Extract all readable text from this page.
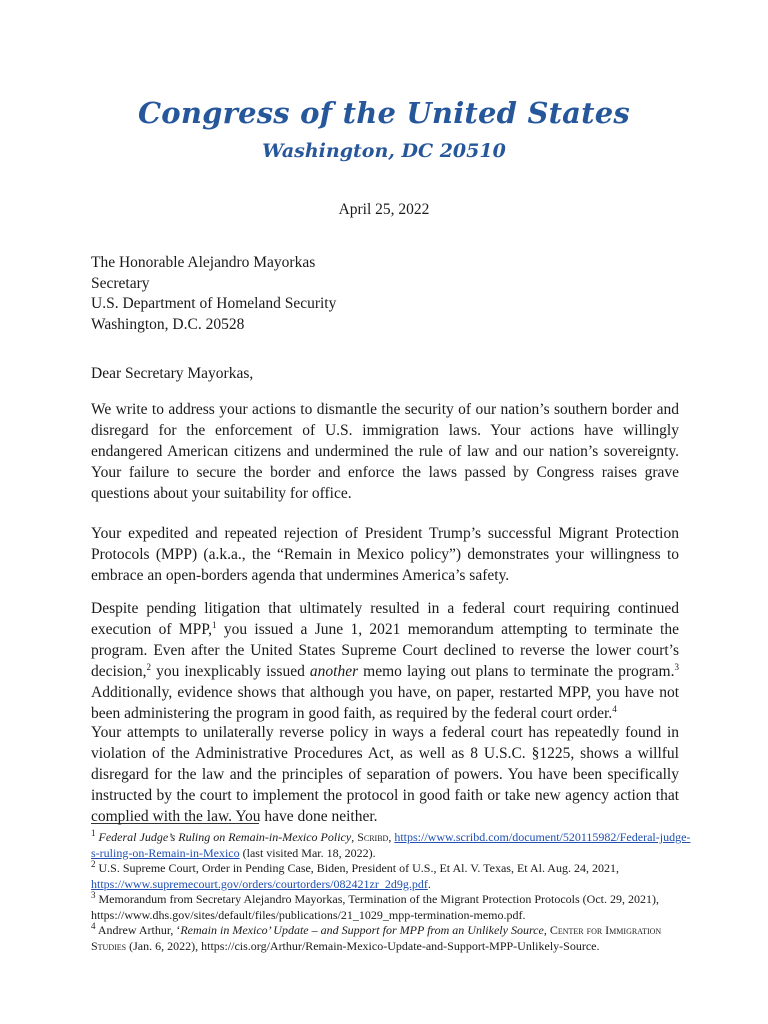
Congress of the United States
Washington, DC 20510
April 25, 2022
The Honorable Alejandro Mayorkas
Secretary
U.S. Department of Homeland Security
Washington, D.C. 20528
Dear Secretary Mayorkas,

We write to address your actions to dismantle the security of our nation’s southern border and disregard for the enforcement of U.S. immigration laws. Your actions have willingly endangered American citizens and undermined the rule of law and our nation’s sovereignty. Your failure to secure the border and enforce the laws passed by Congress raises grave questions about your suitability for office.

Your expedited and repeated rejection of President Trump’s successful Migrant Protection Protocols (MPP) (a.k.a., the “Remain in Mexico policy”) demonstrates your willingness to embrace an open-borders agenda that undermines America’s safety.

Despite pending litigation that ultimately resulted in a federal court requiring continued execution of MPP,$^1$ you issued a June 1, 2021 memorandum attempting to terminate the program. Even after the United States Supreme Court declined to reverse the lower court’s decision,$^2$ you inexplicably issued another memo laying out plans to terminate the program.$^3$ Additionally, evidence shows that although you have, on paper, restarted MPP, you have not been administering the program in good faith, as required by the federal court order.$^4$

Your attempts to unilaterally reverse policy in ways a federal court has repeatedly found in violation of the Administrative Procedures Act, as well as 8 U.S.C. §1225, shows a willful disregard for the law and the principles of separation of powers. You have been specifically instructed by the court to implement the protocol in good faith or take new agency action that complied with the law. You have done neither.

$^1$ Federal Judge’s Ruling on Remain-in-Mexico Policy, Scribd, https://www.scribd.com/document/520115982/Federal-judge-s-ruling-on-Remain-in-Mexico (last visited Mar. 18, 2022).

$^2$ U.S. Supreme Court, Order in Pending Case, Biden, President of U.S., Et Al. V. Texas, Et Al. Aug. 24, 2021, https://www.supremecourt.gov/orders/courtorders/082421zr_2d9g.pdf.

$^3$ Memorandum from Secretary Alejandro Mayorkas, Termination of the Migrant Protection Protocols (Oct. 29, 2021), https://www.dhs.gov/sites/default/files/publications/21_1029_mpp-termination-memo.pdf.

$^4$ Andrew Arthur, ‘Remain in Mexico’ Update – and Support for MPP from an Unlikely Source, Center for Immigration Studies (Jan. 6, 2022), https://cis.org/Arthur/Remain-Mexico-Update-and-Support-MPP-Unlikely-Source.
